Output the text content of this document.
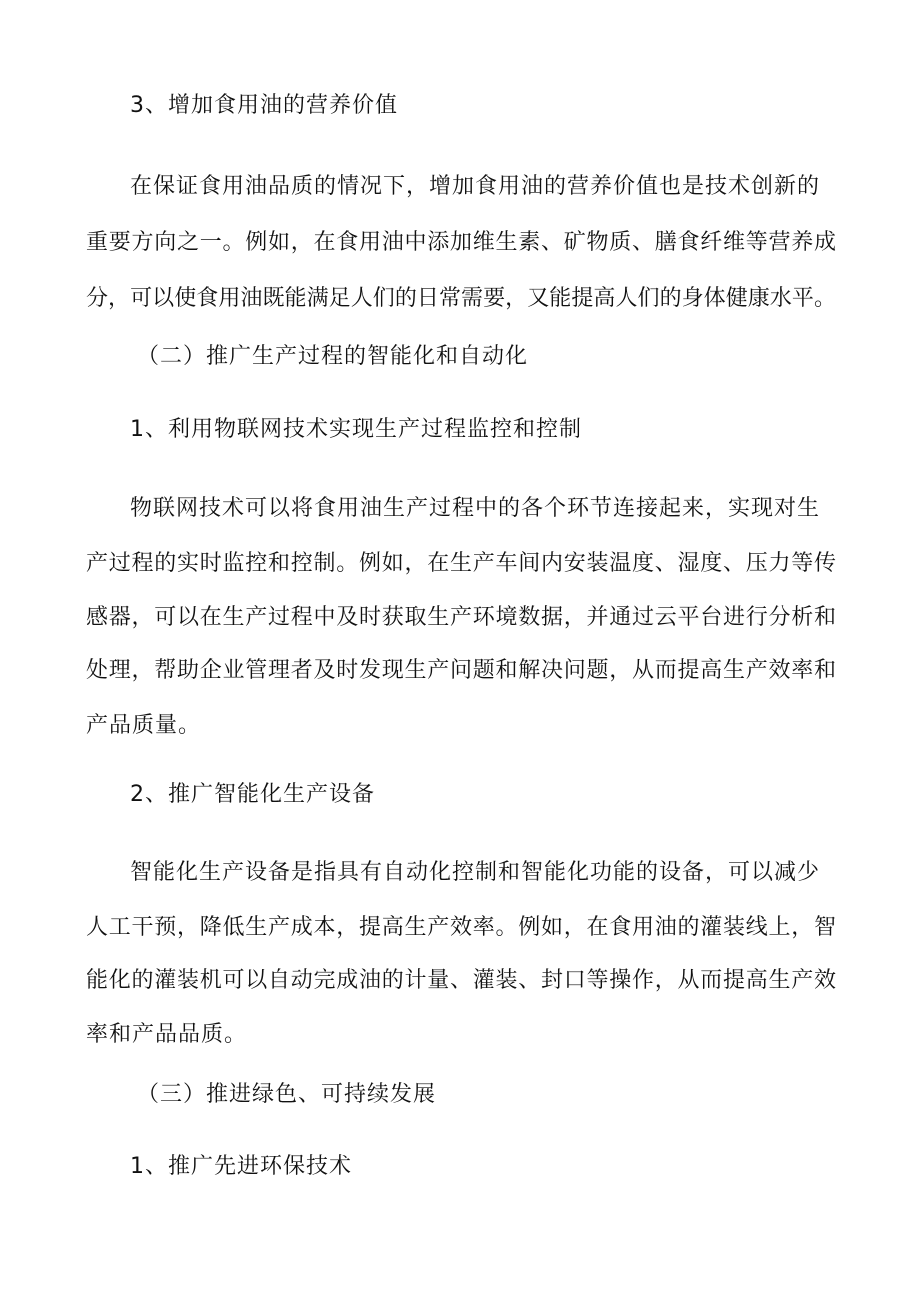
3、增加食用油的营养价值
在保证食用油品质的情况下，增加食用油的营养价值也是技术创新的
重要方向之一。例如，在食用油中添加维生素、矿物质、膳食纤维等营养成
分，可以使食用油既能满足人们的日常需要，又能提高人们的身体健康水平。
（二）推广生产过程的智能化和自动化
1、利用物联网技术实现生产过程监控和控制
物联网技术可以将食用油生产过程中的各个环节连接起来，实现对生
产过程的实时监控和控制。例如，在生产车间内安装温度、湿度、压力等传
感器，可以在生产过程中及时获取生产环境数据，并通过云平台进行分析和
处理，帮助企业管理者及时发现生产问题和解决问题，从而提高生产效率和
产品质量。
2、推广智能化生产设备
智能化生产设备是指具有自动化控制和智能化功能的设备，可以减少
人工干预，降低生产成本，提高生产效率。例如，在食用油的灌装线上，智
能化的灌装机可以自动完成油的计量、灌装、封口等操作，从而提高生产效
率和产品品质。
（三）推进绿色、可持续发展
1、推广先进环保技术
